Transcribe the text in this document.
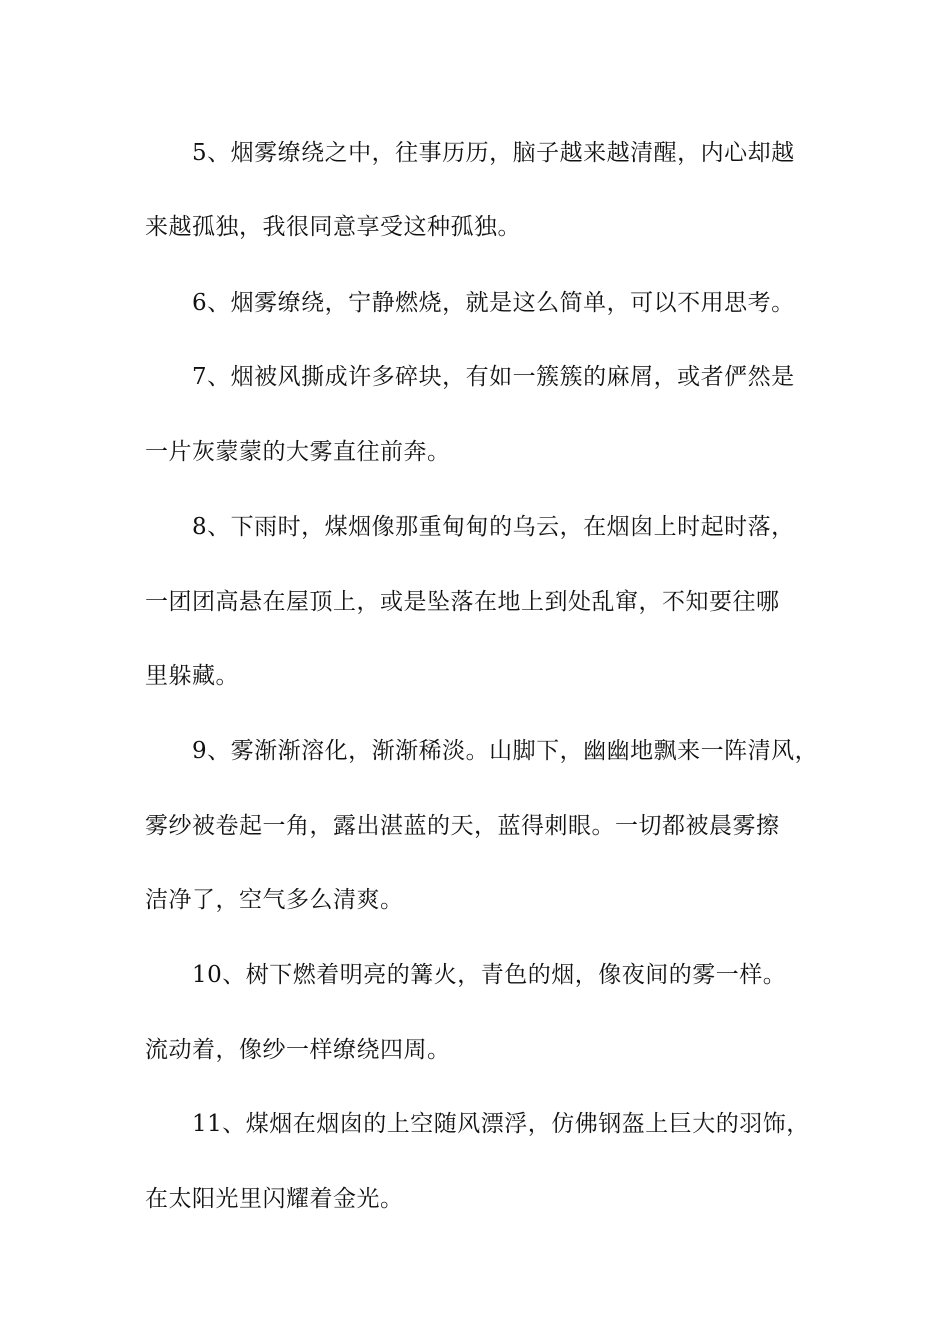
5、烟雾缭绕之中，往事历历，脑子越来越清醒，内心却越
来越孤独，我很同意享受这种孤独。
6、烟雾缭绕，宁静燃烧，就是这么简单，可以不用思考。
7、烟被风撕成许多碎块，有如一簇簇的麻屑，或者俨然是
一片灰蒙蒙的大雾直往前奔。
8、下雨时，煤烟像那重甸甸的乌云，在烟囱上时起时落，
一团团高悬在屋顶上，或是坠落在地上到处乱窜，不知要往哪
里躲藏。
9、雾渐渐溶化，渐渐稀淡。山脚下，幽幽地飘来一阵清风，
雾纱被卷起一角，露出湛蓝的天，蓝得刺眼。一切都被晨雾擦
洁净了，空气多么清爽。
10、树下燃着明亮的篝火，青色的烟，像夜间的雾一样。
流动着，像纱一样缭绕四周。
11、煤烟在烟囱的上空随风漂浮，仿佛钢盔上巨大的羽饰，
在太阳光里闪耀着金光。
